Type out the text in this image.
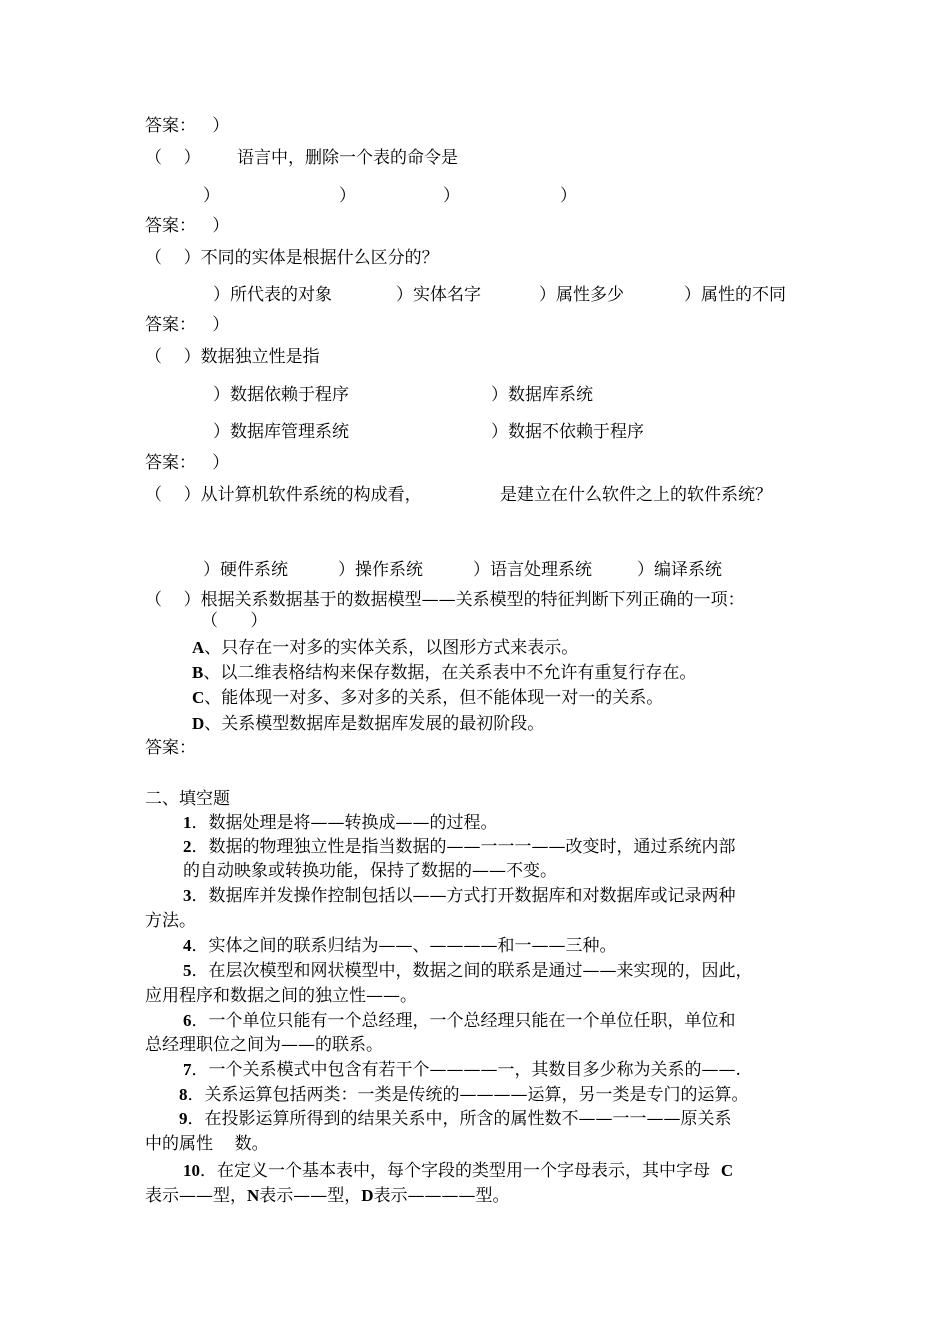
答案：   ）
（    ） 语言中，删除一个表的命令是
）	）	）	）
答案：   ）
（    ）不同的实体是根据什么区分的？
）所代表的对象	）实体名字	）属性多少	）属性的不同
答案：   ）
（    ）数据独立性是指
）数据依赖于程序	）数据库系统
）数据库管理系统	）数据不依赖于程序
答案：   ）
（    ）从计算机软件系统的构成看，	是建立在什么软件之上的软件系统？
）硬件系统	）操作系统	）语言处理系统	）编译系统
（    ）根据关系数据基于的数据模型——关系模型的特征判断下列正确的一项：
（      ）
A、只存在一对多的实体关系，以图形方式来表示。
B、以二维表格结构来保存数据，在关系表中不允许有重复行存在。
C、能体现一对多、多对多的关系，但不能体现一对一的关系。
D、关系模型数据库是数据库发展的最初阶段。
答案：
二、填空题
1．数据处理是将——转换成——的过程。
2．数据的物理独立性是指当数据的——一一一——改变时，通过系统内部
的自动映象或转换功能，保持了数据的——不变。
3．数据库并发操作控制包括以——方式打开数据库和对数据库或记录两种
方法。
4．实体之间的联系归结为——、————和一——三种。
5．在层次模型和网状模型中，数据之间的联系是通过——来实现的，因此，
应用程序和数据之间的独立性——。
6．一个单位只能有一个总经理，一个总经理只能在一个单位任职，单位和
总经理职位之间为——的联系。
7．一个关系模式中包含有若干个————一，其数目多少称为关系的——.
8．关系运算包括两类：一类是传统的————运算，另一类是专门的运算。
9．在投影运算所得到的结果关系中，所含的属性数不——一一——原关系
中的属性    数。
10．在定义一个基本表中，每个字段的类型用一个字母表示，其中字母  C
表示——型，N表示——型，D表示————型。
